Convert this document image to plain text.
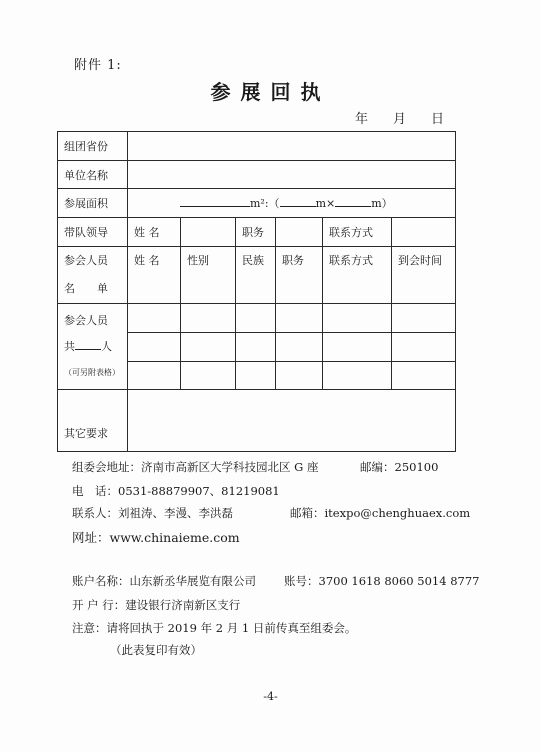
附件 1:
参展回执
年 月 日
组团省份						
单位名称						
参展面积	m²:（ m× m）					
带队领导	姓 名		职务		联系方式	

参会人员
名　　单	姓 名	性别	民族	职务	联系方式	到会时间

参会人员
共 人
（可另附表格）						

其它要求						
组委会地址：济南市高新区大学科技园北区 G 座	邮编：250100
电　话：0531-88879907、81219081
联系人：刘祖涛、李漫、李洪磊	邮箱：itexpo@chenghuaex.com
网址：www.chinaieme.com
账户名称：山东新丞华展览有限公司 账号：3700 1618 8060 5014 8777
开 户 行：建设银行济南新区支行
注意：请将回执于 2019 年 2 月 1 日前传真至组委会。
（此表复印有效）
-4-
